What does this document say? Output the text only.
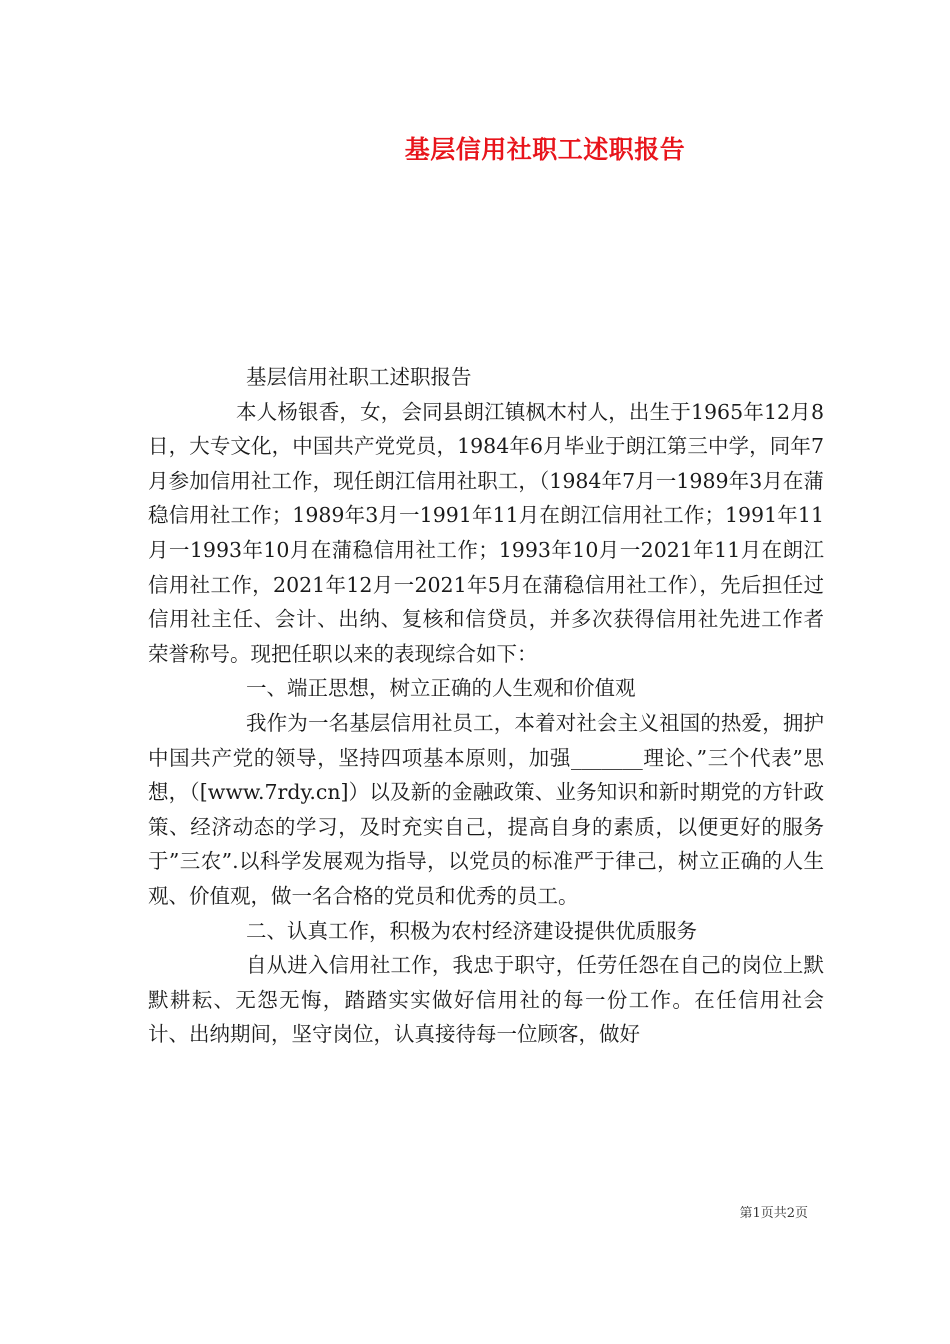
基层信用社职工述职报告

基层信用社职工述职报告

本人杨银香，女，会同县朗江镇枫木村人，出生于1965年12月8日，大专文化，中国共产党党员，1984年6月毕业于朗江第三中学，同年7月参加信用社工作，现任朗江信用社职工，（1984年7月一1989年3月在蒲稳信用社工作；1989年3月一1991年11月在朗江信用社工作；1991年11月一1993年10月在蒲稳信用社工作；1993年10月一2021年11月在朗江信用社工作，2021年12月一2021年5月在蒲稳信用社工作），先后担任过信用社主任、会计、出纳、复核和信贷员，并多次获得信用社先进工作者荣誉称号。现把任职以来的表现综合如下：

一、端正思想，树立正确的人生观和价值观

我作为一名基层信用社员工，本着对社会主义祖国的热爱，拥护中国共产党的领导，坚持四项基本原则，加强_______理论、”三个代表”思想，（[www.7rdy.cn]）以及新的金融政策、业务知识和新时期党的方针政策、经济动态的学习，及时充实自己，提高自身的素质，以便更好的服务于”三农”.以科学发展观为指导，以党员的标准严于律己，树立正确的人生观、价值观，做一名合格的党员和优秀的员工。

二、认真工作，积极为农村经济建设提供优质服务

自从进入信用社工作，我忠于职守，任劳任怨在自己的岗位上默默耕耘、无怨无悔，踏踏实实做好信用社的每一份工作。在任信用社会计、出纳期间，坚守岗位，认真接待每一位顾客，做好

第1页共2页
